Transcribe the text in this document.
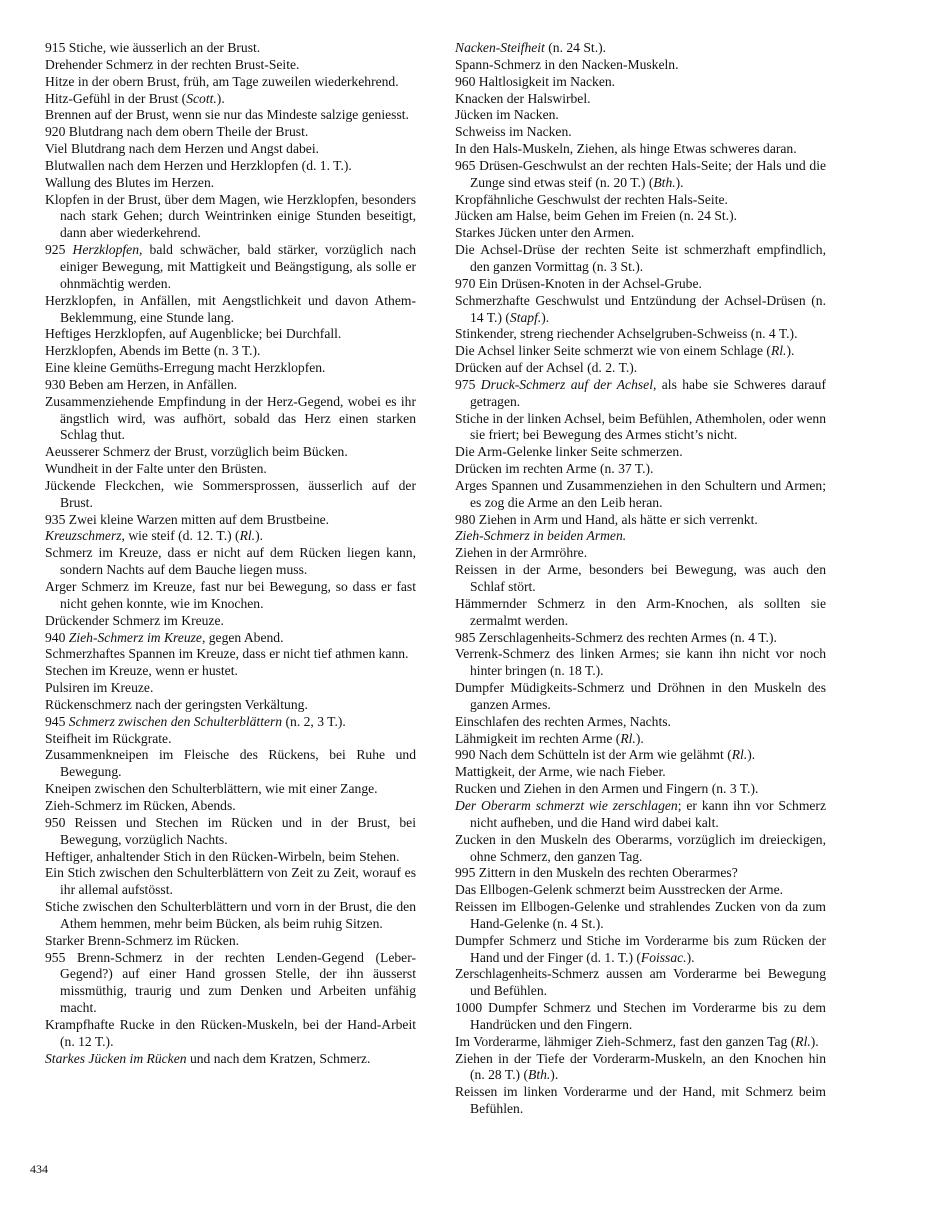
915 Stiche, wie äusserlich an der Brust.

Drehender Schmerz in der rechten Brust-Seite.

Hitze in der obern Brust, früh, am Tage zuweilen wiederkehrend.

Hitz-Gefühl in der Brust (Scott.).

Brennen auf der Brust, wenn sie nur das Mindeste salzige geniesst.

920 Blutdrang nach dem obern Theile der Brust.

Viel Blutdrang nach dem Herzen und Angst dabei.

Blutwallen nach dem Herzen und Herzklopfen (d. 1. T.).

Wallung des Blutes im Herzen.

Klopfen in der Brust, über dem Magen, wie Herzklopfen, besonders nach stark Gehen; durch Weintrinken einige Stunden beseitigt, dann aber wiederkehrend.

925 Herzklopfen, bald schwächer, bald stärker, vorzüglich nach einiger Bewegung, mit Mattigkeit und Beängstigung, als solle er ohnmächtig werden.

Herzklopfen, in Anfällen, mit Aengstlichkeit und davon Athem-Beklemmung, eine Stunde lang.

Heftiges Herzklopfen, auf Augenblicke; bei Durchfall.

Herzklopfen, Abends im Bette (n. 3 T.).

Eine kleine Gemüths-Erregung macht Herzklopfen.

930 Beben am Herzen, in Anfällen.

Zusammenziehende Empfindung in der Herz-Gegend, wobei es ihr ängstlich wird, was aufhört, sobald das Herz einen starken Schlag thut.

Aeusserer Schmerz der Brust, vorzüglich beim Bücken.

Wundheit in der Falte unter den Brüsten.

Jückende Fleckchen, wie Sommersprossen, äusserlich auf der Brust.

935 Zwei kleine Warzen mitten auf dem Brustbeine.

Kreuzschmerz, wie steif (d. 12. T.) (Rl.).

Schmerz im Kreuze, dass er nicht auf dem Rücken liegen kann, sondern Nachts auf dem Bauche liegen muss.

Arger Schmerz im Kreuze, fast nur bei Bewegung, so dass er fast nicht gehen konnte, wie im Knochen.

Drückender Schmerz im Kreuze.

940 Zieh-Schmerz im Kreuze, gegen Abend.

Schmerzhaftes Spannen im Kreuze, dass er nicht tief athmen kann.

Stechen im Kreuze, wenn er hustet.

Pulsiren im Kreuze.

Rückenschmerz nach der geringsten Verkältung.

945 Schmerz zwischen den Schulterblättern (n. 2, 3 T.).

Steifheit im Rückgrate.

Zusammenkneipen im Fleische des Rückens, bei Ruhe und Bewegung.

Kneipen zwischen den Schulterblättern, wie mit einer Zange.

Zieh-Schmerz im Rücken, Abends.

950 Reissen und Stechen im Rücken und in der Brust, bei Bewegung, vorzüglich Nachts.

Heftiger, anhaltender Stich in den Rücken-Wirbeln, beim Stehen.

Ein Stich zwischen den Schulterblättern von Zeit zu Zeit, worauf es ihr allemal aufstösst.

Stiche zwischen den Schulterblättern und vorn in der Brust, die den Athem hemmen, mehr beim Bücken, als beim ruhig Sitzen.

Starker Brenn-Schmerz im Rücken.

955 Brenn-Schmerz in der rechten Lenden-Gegend (Leber-Gegend?) auf einer Hand grossen Stelle, der ihn äusserst missmüthig, traurig und zum Denken und Arbeiten unfähig macht.

Krampfhafte Rucke in den Rücken-Muskeln, bei der Hand-Arbeit (n. 12 T.).

Starkes Jücken im Rücken und nach dem Kratzen, Schmerz.

Nacken-Steifheit (n. 24 St.).

Spann-Schmerz in den Nacken-Muskeln.

960 Haltlosigkeit im Nacken.

Knacken der Halswirbel.

Jücken im Nacken.

Schweiss im Nacken.

In den Hals-Muskeln, Ziehen, als hinge Etwas schweres daran.

965 Drüsen-Geschwulst an der rechten Hals-Seite; der Hals und die Zunge sind etwas steif (n. 20 T.) (Bth.).

Kropfähnliche Geschwulst der rechten Hals-Seite.

Jücken am Halse, beim Gehen im Freien (n. 24 St.).

Starkes Jücken unter den Armen.

Die Achsel-Drüse der rechten Seite ist schmerzhaft empfindlich, den ganzen Vormittag (n. 3 St.).

970 Ein Drüsen-Knoten in der Achsel-Grube.

Schmerzhafte Geschwulst und Entzündung der Achsel-Drüsen (n. 14 T.) (Stapf.).

Stinkender, streng riechender Achselgruben-Schweiss (n. 4 T.).

Die Achsel linker Seite schmerzt wie von einem Schlage (Rl.).

Drücken auf der Achsel (d. 2. T.).

975 Druck-Schmerz auf der Achsel, als habe sie Schweres darauf getragen.

Stiche in der linken Achsel, beim Befühlen, Athemholen, oder wenn sie friert; bei Bewegung des Armes sticht’s nicht.

Die Arm-Gelenke linker Seite schmerzen.

Drücken im rechten Arme (n. 37 T.).

Arges Spannen und Zusammenziehen in den Schultern und Armen; es zog die Arme an den Leib heran.

980 Ziehen in Arm und Hand, als hätte er sich verrenkt.

Zieh-Schmerz in beiden Armen.

Ziehen in der Armröhre.

Reissen in der Arme, besonders bei Bewegung, was auch den Schlaf stört.

Hämmernder Schmerz in den Arm-Knochen, als sollten sie zermalmt werden.

985 Zerschlagenheits-Schmerz des rechten Armes (n. 4 T.).

Verrenk-Schmerz des linken Armes; sie kann ihn nicht vor noch hinter bringen (n. 18 T.).

Dumpfer Müdigkeits-Schmerz und Dröhnen in den Muskeln des ganzen Armes.

Einschlafen des rechten Armes, Nachts.

Lähmigkeit im rechten Arme (Rl.).

990 Nach dem Schütteln ist der Arm wie gelähmt (Rl.).

Mattigkeit, der Arme, wie nach Fieber.

Rucken und Ziehen in den Armen und Fingern (n. 3 T.).

Der Oberarm schmerzt wie zerschlagen; er kann ihn vor Schmerz nicht aufheben, und die Hand wird dabei kalt.

Zucken in den Muskeln des Oberarms, vorzüglich im dreieckigen, ohne Schmerz, den ganzen Tag.

995 Zittern in den Muskeln des rechten Oberarmes?

Das Ellbogen-Gelenk schmerzt beim Ausstrecken der Arme.

Reissen im Ellbogen-Gelenke und strahlendes Zucken von da zum Hand-Gelenke (n. 4 St.).

Dumpfer Schmerz und Stiche im Vorderarme bis zum Rücken der Hand und der Finger (d. 1. T.) (Foissac.).

Zerschlagenheits-Schmerz aussen am Vorderarme bei Bewegung und Befühlen.

1000 Dumpfer Schmerz und Stechen im Vorderarme bis zu dem Handrücken und den Fingern.

Im Vorderarme, lähmiger Zieh-Schmerz, fast den ganzen Tag (Rl.).

Ziehen in der Tiefe der Vorderarm-Muskeln, an den Knochen hin (n. 28 T.) (Bth.).

Reissen im linken Vorderarme und der Hand, mit Schmerz beim Befühlen.

434
